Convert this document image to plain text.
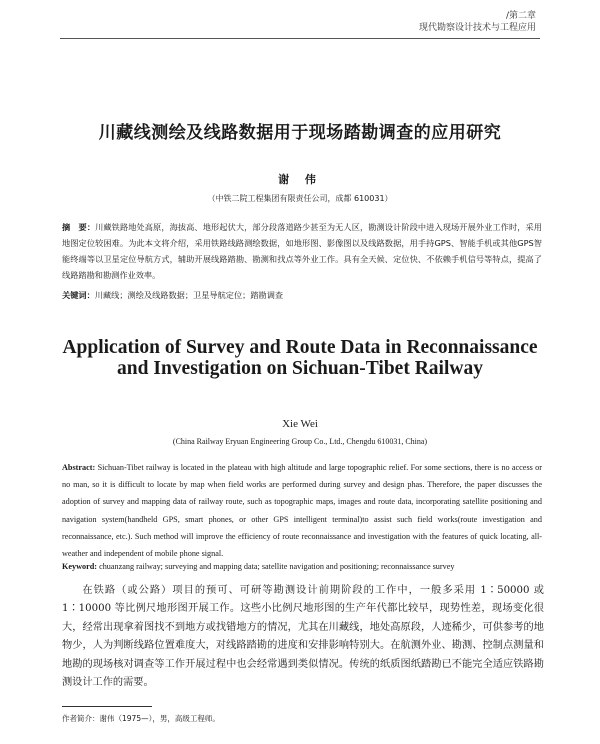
/第二章
现代勘察设计技术与工程应用
川藏线测绘及线路数据用于现场踏勘调查的应用研究
谢 伟
（中铁二院工程集团有限责任公司，成都 610031）
摘　要：川藏铁路地处高原，海拔高、地形起伏大，部分段落道路少甚至为无人区，勘测设计阶段中进入现场开展外业工作时，采用地图定位较困难。为此本文将介绍，采用铁路线路测绘数据，如地形图、影像图以及线路数据，用手持GPS、智能手机或其他GPS智能终端等以卫星定位导航方式，辅助开展线路踏勘、勘测和找点等外业工作。具有全天候、定位快、不依赖手机信号等特点，提高了线路踏勘和勘测作业效率。
关键词：川藏线；测绘及线路数据；卫星导航定位；踏勘调查
Application of Survey and Route Data in Reconnaissance
and Investigation on Sichuan-Tibet Railway
Xie Wei
(China Railway Eryuan Engineering Group Co., Ltd., Chengdu 610031, China)
Abstract: Sichuan-Tibet railway is located in the plateau with high altitude and large topographic relief. For some sections, there is no access or no man, so it is difficult to locate by map when field works are performed during survey and design phas. Therefore, the paper discusses the adoption of survey and mapping data of railway route, such as topographic maps, images and route data, incorporating satellite positioning and navigation system(handheld GPS, smart phones, or other GPS intelligent terminal)to assist such field works(route investigation and reconnaissance, etc.). Such method will improve the efficiency of route reconnaissance and investigation with the features of quick locating, all-weather and independent of mobile phone signal.
Keyword: chuanzang railway; surveying and mapping data; satellite navigation and positioning; reconnaissance survey
在铁路（或公路）项目的预可、可研等勘测设计前期阶段的工作中，一般多采用 1∶50000 或 1∶10000 等比例尺地形图开展工作。这些小比例尺地形图的生产年代都比较早，现势性差，现场变化很大，经常出现拿着图找不到地方或找错地方的情况，尤其在川藏线，地处高原段，人迹稀少，可供参考的地物少，人为判断线路位置难度大，对线路踏勘的进度和安排影响特别大。在航测外业、勘测、控制点测量和地勘的现场核对调查等工作开展过程中也会经常遇到类似情况。传统的纸质图纸踏勘已不能完全适应铁路勘测设计工作的需要。
作者简介：谢伟（1975—），男，高级工程师。
